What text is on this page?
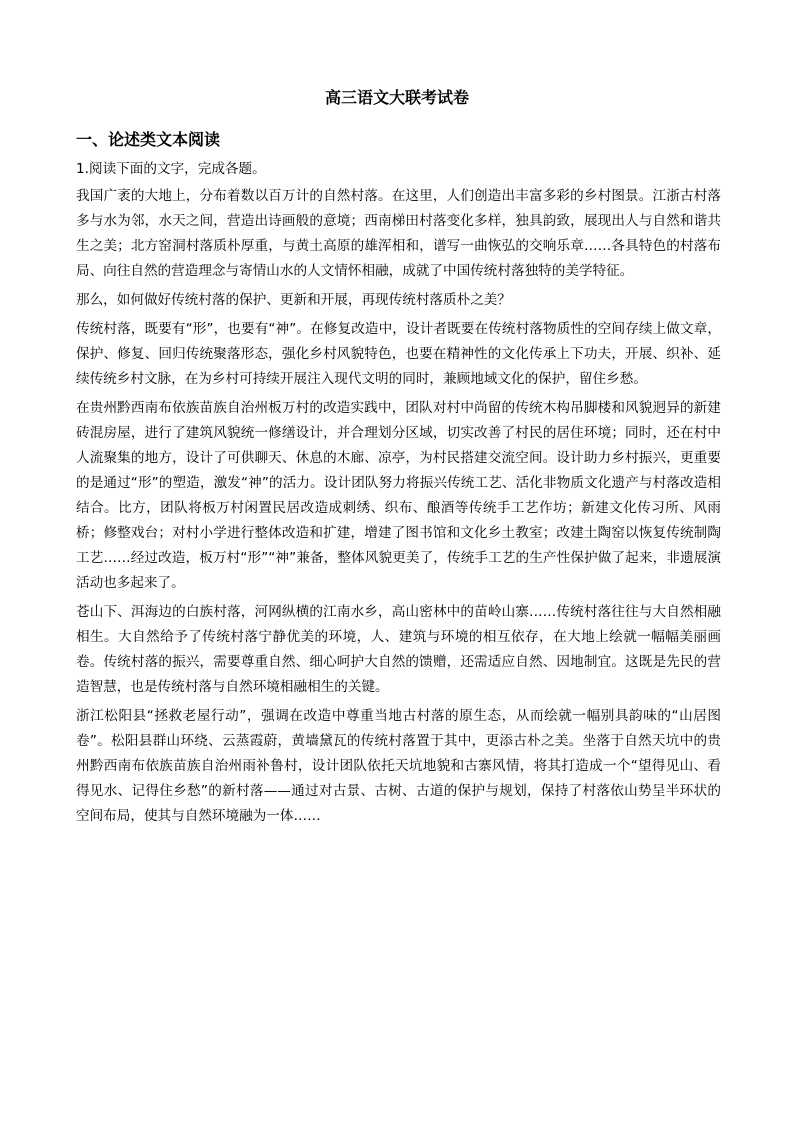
高三语文大联考试卷
一、论述类文本阅读

1.阅读下面的文字，完成各题。

我国广袤的大地上，分布着数以百万计的自然村落。在这里，人们创造出丰富多彩的乡村图景。江浙古村落多与水为邻，水天之间，营造出诗画般的意境；西南梯田村落变化多样，独具韵致，展现出人与自然和谐共生之美；北方窑洞村落质朴厚重，与黄土高原的雄浑相和，谱写一曲恢弘的交响乐章……各具特色的村落布局、向往自然的营造理念与寄情山水的人文情怀相融，成就了中国传统村落独特的美学特征。

那么，如何做好传统村落的保护、更新和开展，再现传统村落质朴之美？

传统村落，既要有“形”，也要有“神”。在修复改造中，设计者既要在传统村落物质性的空间存续上做文章，保护、修复、回归传统聚落形态，强化乡村风貌特色，也要在精神性的文化传承上下功夫，开展、织补、延续传统乡村文脉，在为乡村可持续开展注入现代文明的同时，兼顾地域文化的保护，留住乡愁。

在贵州黔西南布依族苗族自治州板万村的改造实践中，团队对村中尚留的传统木构吊脚楼和风貌迥异的新建砖混房屋，进行了建筑风貌统一修缮设计，并合理划分区域，切实改善了村民的居住环境；同时，还在村中人流聚集的地方，设计了可供聊天、休息的木廊、凉亭，为村民搭建交流空间。设计助力乡村振兴，更重要的是通过“形”的塑造，激发“神”的活力。设计团队努力将振兴传统工艺、活化非物质文化遗产与村落改造相结合。比方，团队将板万村闲置民居改造成刺绣、织布、酿酒等传统手工艺作坊；新建文化传习所、风雨桥；修整戏台；对村小学进行整体改造和扩建，增建了图书馆和文化乡土教室；改建土陶窑以恢复传统制陶工艺……经过改造，板万村“形”“神”兼备，整体风貌更美了，传统手工艺的生产性保护做了起来，非遗展演活动也多起来了。

苍山下、洱海边的白族村落，河网纵横的江南水乡，高山密林中的苗岭山寨……传统村落往往与大自然相融相生。大自然给予了传统村落宁静优美的环境，人、建筑与环境的相互依存，在大地上绘就一幅幅美丽画卷。传统村落的振兴，需要尊重自然、细心呵护大自然的馈赠，还需适应自然、因地制宜。这既是先民的营造智慧，也是传统村落与自然环境相融相生的关键。

浙江松阳县“拯救老屋行动”，强调在改造中尊重当地古村落的原生态，从而绘就一幅别具韵味的“山居图卷”。松阳县群山环绕、云蒸霞蔚，黄墙黛瓦的传统村落置于其中，更添古朴之美。坐落于自然天坑中的贵州黔西南布依族苗族自治州雨补鲁村，设计团队依托天坑地貌和古寨风情，将其打造成一个“望得见山、看得见水、记得住乡愁”的新村落——通过对古景、古树、古道的保护与规划，保持了村落依山势呈半环状的空间布局，使其与自然环境融为一体……
